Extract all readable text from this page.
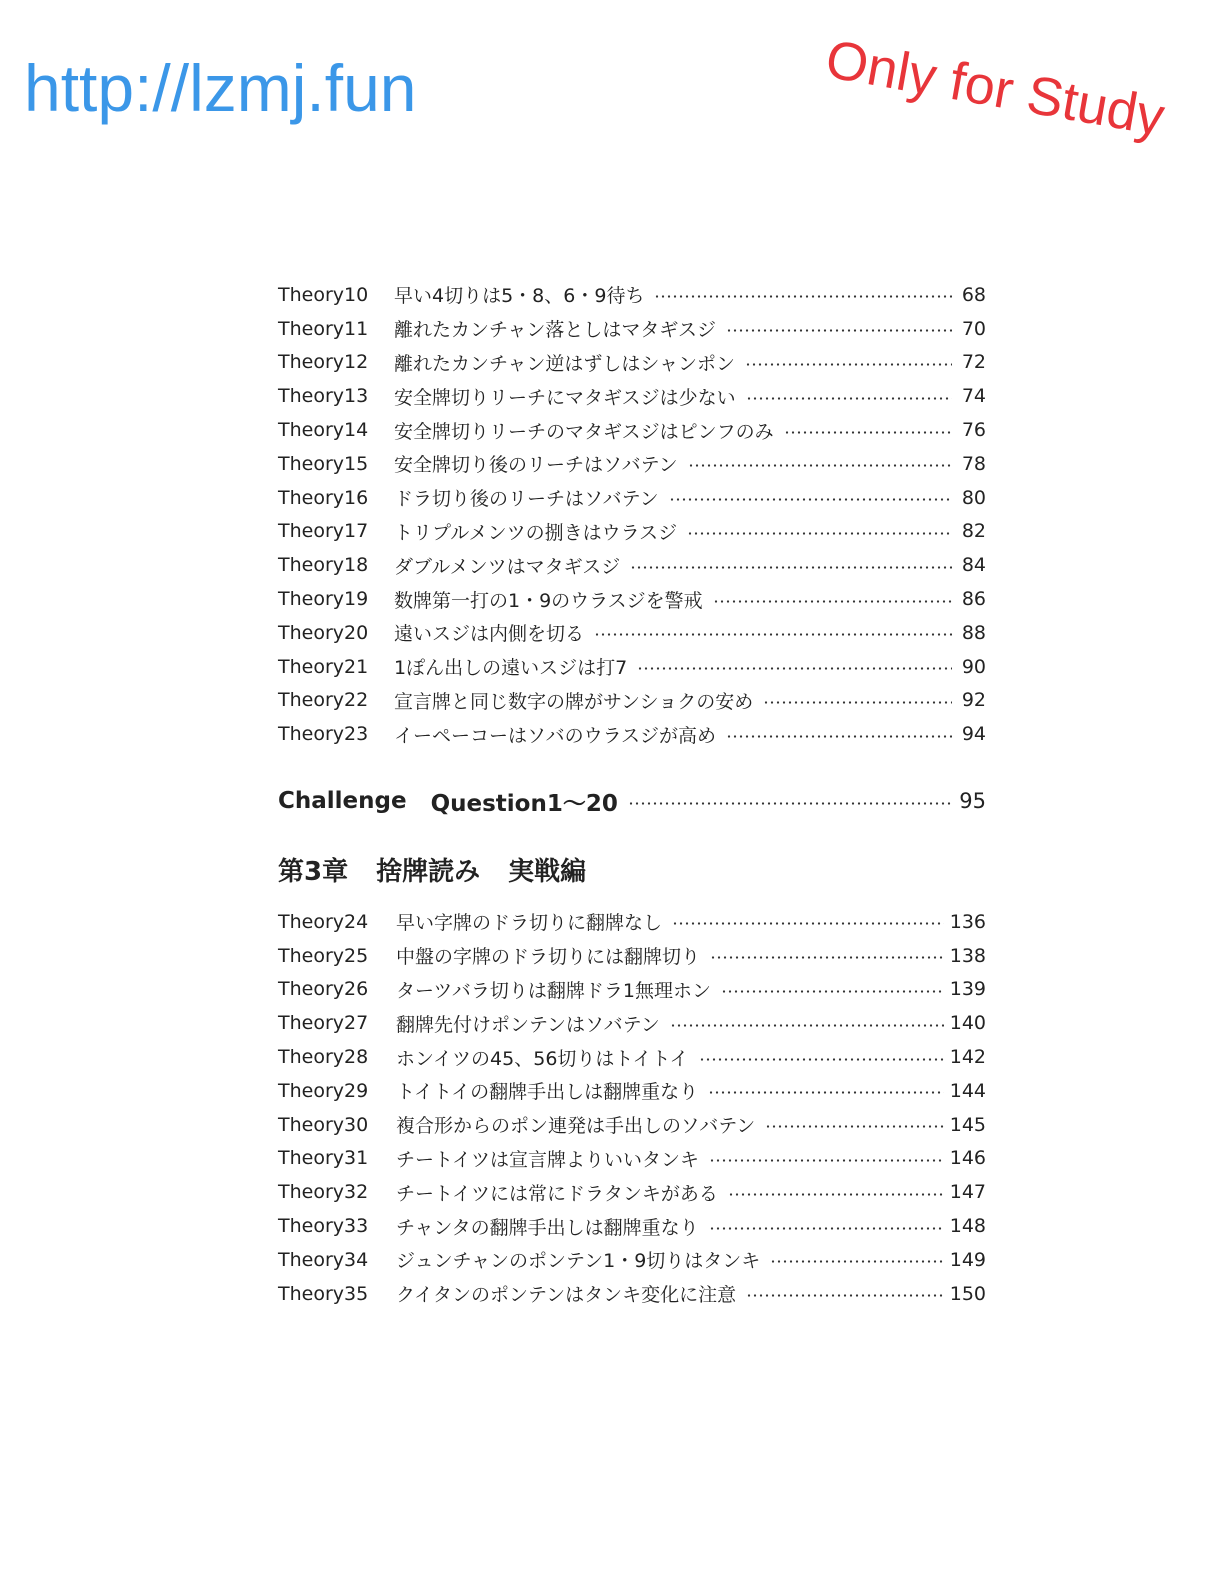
http://lzmj.fun	Only for Study
Theory10	早い4切りは5・8、6・9待ち	68
Theory11	離れたカンチャン落としはマタギスジ	70
Theory12	離れたカンチャン逆はずしはシャンポン	72
Theory13	安全牌切りリーチにマタギスジは少ない	74
Theory14	安全牌切りリーチのマタギスジはピンフのみ	76
Theory15	安全牌切り後のリーチはソバテン	78
Theory16	ドラ切り後のリーチはソバテン	80
Theory17	トリプルメンツの捌きはウラスジ	82
Theory18	ダブルメンツはマタギスジ	84
Theory19	数牌第一打の1・9のウラスジを警戒	86
Theory20	遠いスジは内側を切る	88
Theory21	1ぽん出しの遠いスジは打7	90
Theory22	宣言牌と同じ数字の牌がサンショクの安め	92
Theory23	イーペーコーはソバのウラスジが高め	94
Challenge Question1～20	95
第3章 捨牌読み 実戦編
Theory24	早い字牌のドラ切りに翻牌なし	136
Theory25	中盤の字牌のドラ切りには翻牌切り	138
Theory26	ターツバラ切りは翻牌ドラ1無理ホン	139
Theory27	翻牌先付けポンテンはソバテン	140
Theory28	ホンイツの45、56切りはトイトイ	142
Theory29	トイトイの翻牌手出しは翻牌重なり	144
Theory30	複合形からのポン連発は手出しのソバテン	145
Theory31	チートイツは宣言牌よりいいタンキ	146
Theory32	チートイツには常にドラタンキがある	147
Theory33	チャンタの翻牌手出しは翻牌重なり	148
Theory34	ジュンチャンのポンテン1・9切りはタンキ	149
Theory35	クイタンのポンテンはタンキ変化に注意	150
